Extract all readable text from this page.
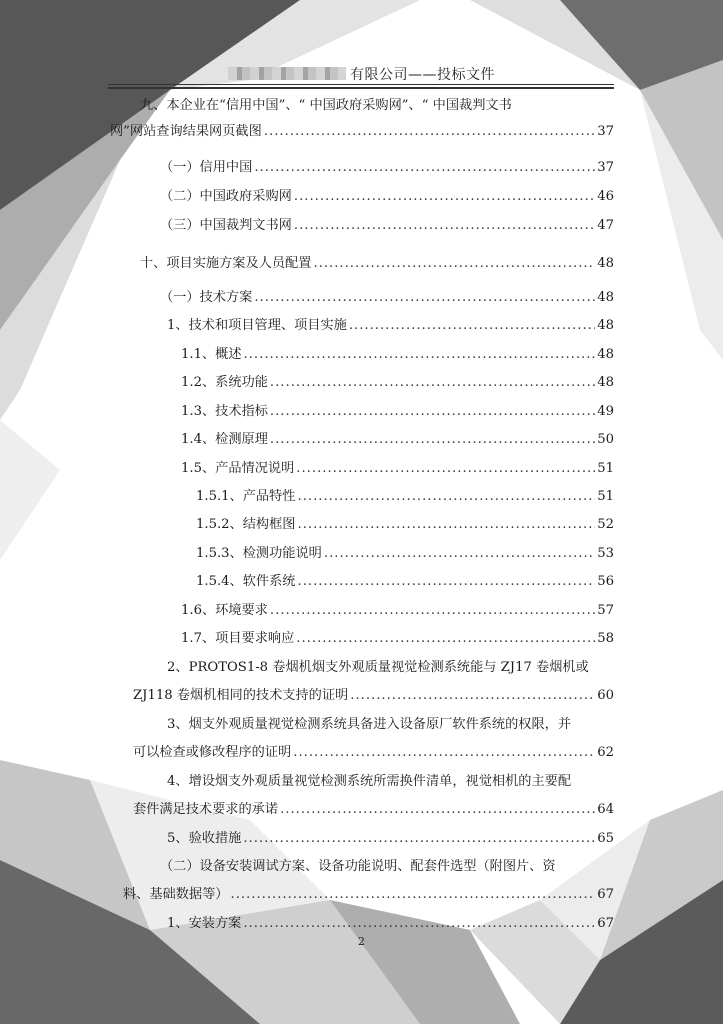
有限公司——投标文件
九、本企业在“信用中国”、“ 中国政府采购网”、“ 中国裁判文书
网”网站查询结果网页截图 .....	37
（一）信用中国 .....	37
（二）中国政府采购网 .....	46
（三）中国裁判文书网 .....	47
十、项目实施方案及人员配置 .....	48
（一）技术方案 .....	48
1、技术和项目管理、项目实施 .....	48
1.1、概述 .....	48
1.2、系统功能 .....	48
1.3、技术指标 .....	49
1.4、检测原理 .....	50
1.5、产品情况说明 .....	51
1.5.1、产品特性 .....	51
1.5.2、结构框图 .....	52
1.5.3、检测功能说明 .....	53
1.5.4、软件系统 .....	56
1.6、环境要求 .....	57
1.7、项目要求响应 .....	58
2、PROTOS1-8 卷烟机烟支外观质量视觉检测系统能与 ZJ17 卷烟机或
ZJ118 卷烟机相同的技术支持的证明 .....	60
3、烟支外观质量视觉检测系统具备进入设备原厂软件系统的权限，并
可以检查或修改程序的证明 .....	62
4、增设烟支外观质量视觉检测系统所需换件清单，视觉相机的主要配
套件满足技术要求的承诺 .....	64
5、验收措施 .....	65
（二）设备安装调试方案、设备功能说明、配套件选型（附图片、资
料、基础数据等） .....	67
1、安装方案 .....	67
2
